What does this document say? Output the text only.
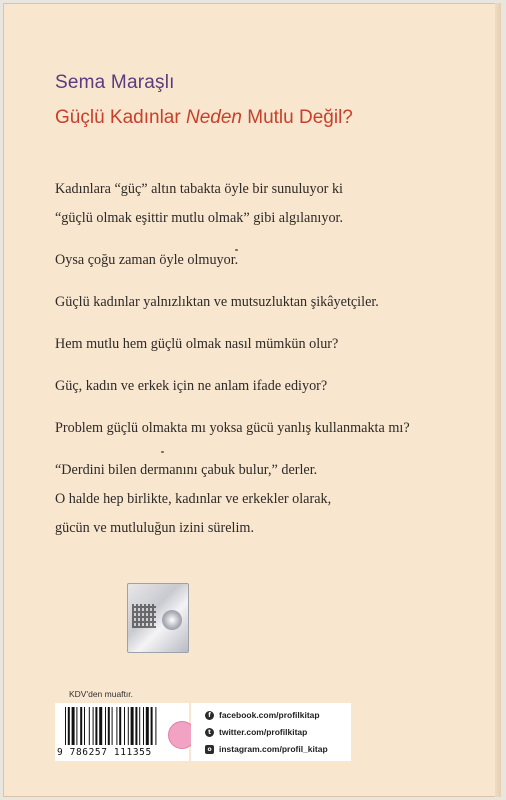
Sema Maraşlı
Güçlü Kadınlar Neden Mutlu Değil?

Kadınlara “güç” altın tabakta öyle bir sunuluyor ki

“güçlü olmak eşittir mutlu olmak” gibi algılanıyor.

Oysa çoğu zaman öyle olmuyor.

Güçlü kadınlar yalnızlıktan ve mutsuzluktan şikâyetçiler.

Hem mutlu hem güçlü olmak nasıl mümkün olur?

Güç, kadın ve erkek için ne anlam ifade ediyor?

Problem güçlü olmakta mı yoksa gücü yanlış kullanmakta mı?

“Derdini bilen dermanını çabuk bulur,” derler.

O halde hep birlikte, kadınlar ve erkekler olarak,

gücün ve mutluluğun izini sürelim.

KDV'den muaftır.
9 786257 111355
f facebook.com/profilkitap
t twitter.com/profilkitap
o instagram.com/profil_kitap
